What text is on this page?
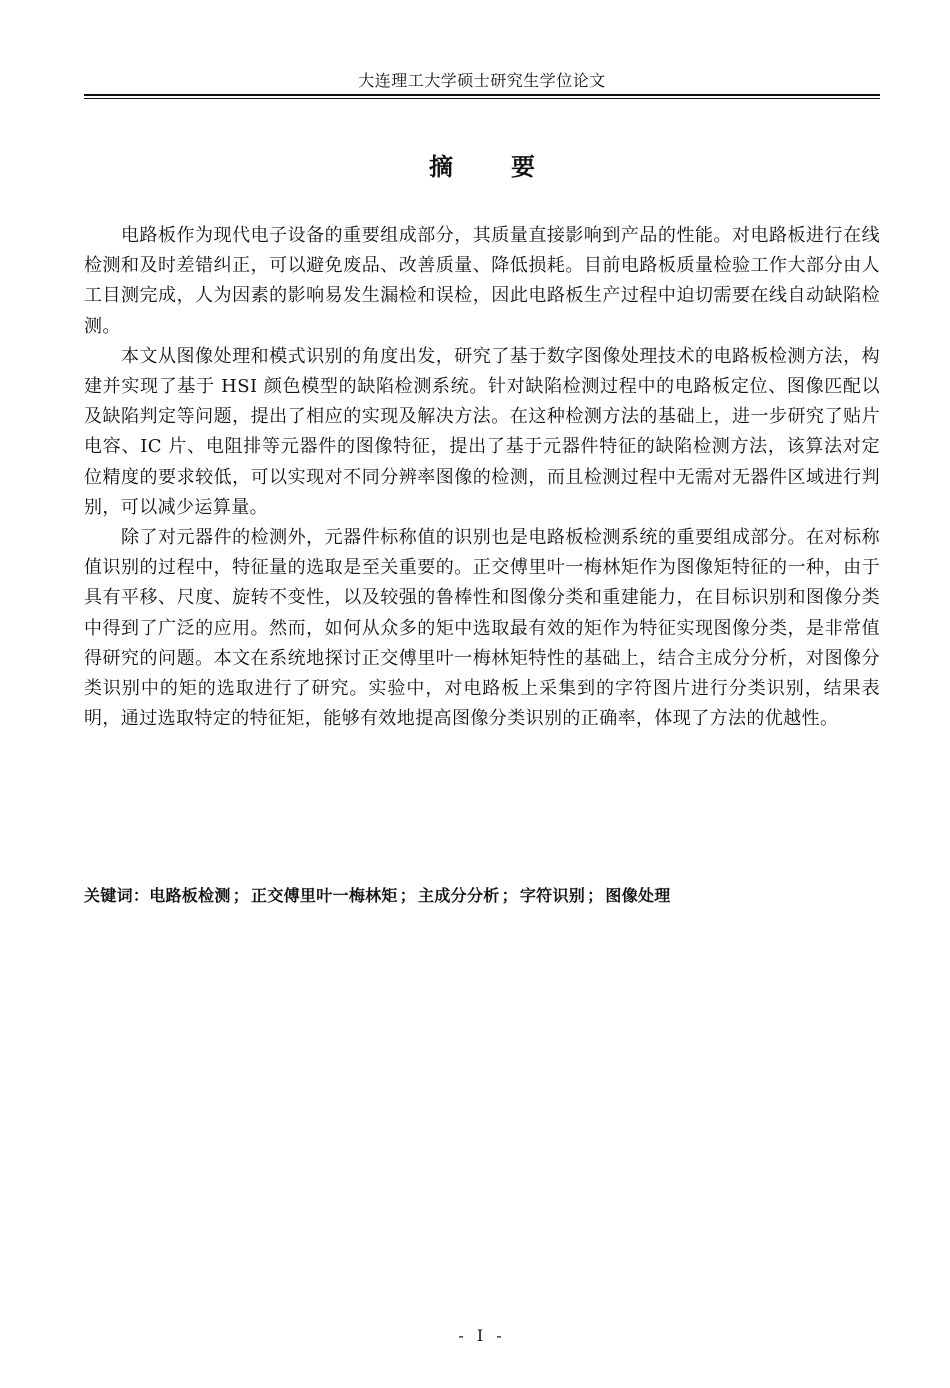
大连理工大学硕士研究生学位论文
摘要

电路板作为现代电子设备的重要组成部分，其质量直接影响到产品的性能。对电路板进行在线检测和及时差错纠正，可以避免废品、改善质量、降低损耗。目前电路板质量检验工作大部分由人工目测完成，人为因素的影响易发生漏检和误检，因此电路板生产过程中迫切需要在线自动缺陷检测。

本文从图像处理和模式识别的角度出发，研究了基于数字图像处理技术的电路板检测方法，构建并实现了基于 HSI 颜色模型的缺陷检测系统。针对缺陷检测过程中的电路板定位、图像匹配以及缺陷判定等问题，提出了相应的实现及解决方法。在这种检测方法的基础上，进一步研究了贴片电容、IC 片、电阻排等元器件的图像特征，提出了基于元器件特征的缺陷检测方法，该算法对定位精度的要求较低，可以实现对不同分辨率图像的检测，而且检测过程中无需对无器件区域进行判别，可以减少运算量。

除了对元器件的检测外，元器件标称值的识别也是电路板检测系统的重要组成部分。在对标称值识别的过程中，特征量的选取是至关重要的。正交傅里叶一梅林矩作为图像矩特征的一种，由于具有平移、尺度、旋转不变性，以及较强的鲁棒性和图像分类和重建能力，在目标识别和图像分类中得到了广泛的应用。然而，如何从众多的矩中选取最有效的矩作为特征实现图像分类，是非常值得研究的问题。本文在系统地探讨正交傅里叶一梅林矩特性的基础上，结合主成分分析，对图像分类识别中的矩的选取进行了研究。实验中，对电路板上采集到的字符图片进行分类识别，结果表明，通过选取特定的特征矩，能够有效地提高图像分类识别的正确率，体现了方法的优越性。

关键词：电路板检测 ； 正交傅里叶一梅林矩 ； 主成分分析 ； 字符识别 ； 图像处理
- I -
